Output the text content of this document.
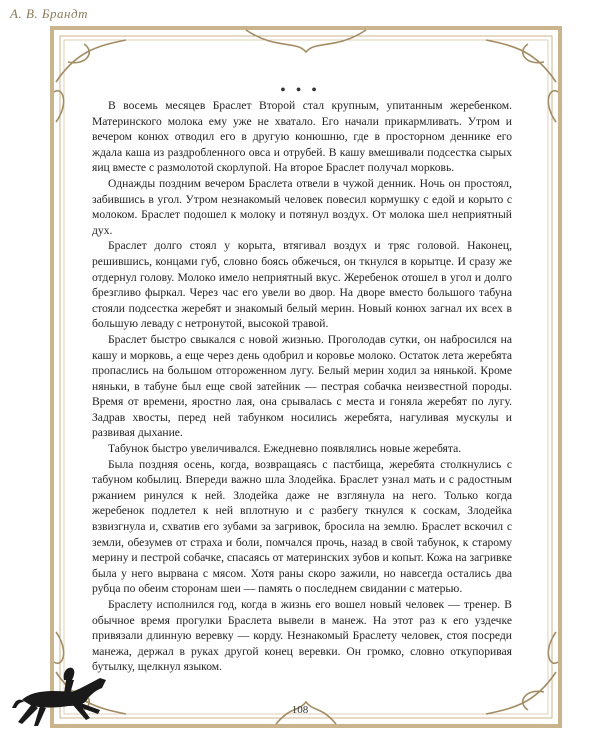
А. В. Брандт
• • •

В восемь месяцев Браслет Второй стал крупным, упитанным жеребенком. Материнского молока ему уже не хватало. Его начали прикармливать. Утром и вечером конюх отводил его в другую конюшню, где в просторном деннике его ждала каша из раздробленного овса и отрубей. В кашу вмешивали подсестка сырых яиц вместе с размолотой скорлупой. На второе Браслет получал морковь.

Однажды поздним вечером Браслета отвели в чужой денник. Ночь он простоял, забившись в угол. Утром незнакомый человек повесил кормушку с едой и корыто с молоком. Браслет подошел к молоку и потянул воздух. От молока шел неприятный дух.

Браслет долго стоял у корыта, втягивал воздух и тряс головой. Наконец, решившись, концами губ, словно боясь обжечься, он ткнулся в корытце. И сразу же отдернул голову. Молоко имело неприятный вкус. Жеребенок отошел в угол и долго брезгливо фыркал. Через час его увели во двор. На дворе вместо большого табуна стояли подсестка жеребят и знакомый белый мерин. Новый конюх загнал их всех в большую леваду с нетронутой, высокой травой.

Браслет быстро свыкался с новой жизнью. Проголодав сутки, он набросился на кашу и морковь, а еще через день одобрил и коровье молоко. Остаток лета жеребята пропаслись на большом отгороженном лугу. Белый мерин ходил за нянькой. Кроме няньки, в табуне был еще свой затейник — пестрая собачка неизвестной породы. Время от времени, яростно лая, она срывалась с места и гоняла жеребят по лугу. Задрав хвосты, перед ней табунком носились жеребята, нагуливая мускулы и развивая дыхание.

Табунок быстро увеличивался. Ежедневно появлялись новые жеребята.

Была поздняя осень, когда, возвращаясь с пастбища, жеребята столкнулись с табуном кобылиц. Впереди важно шла Злодейка. Браслет узнал мать и с радостным ржанием ринулся к ней. Злодейка даже не взглянула на него. Только когда жеребенок подлетел к ней вплотную и с разбегу ткнулся к соскам, Злодейка взвизгнула и, схватив его зубами за загривок, бросила на землю. Браслет вскочил с земли, обезумев от страха и боли, помчался прочь, назад в свой табунок, к старому мерину и пестрой собачке, спасаясь от материнских зубов и копыт. Кожа на загривке была у него вырвана с мясом. Хотя раны скоро зажили, но навсегда остались два рубца по обеим сторонам шеи — память о последнем свидании с матерью.

Браслету исполнился год, когда в жизнь его вошел новый человек — тренер. В обычное время прогулки Браслета вывели в манеж. На этот раз к его уздечке привязали длинную веревку — корду. Незнакомый Браслету человек, стоя посреди манежа, держал в руках другой конец веревки. Он громко, словно откупоривая бутылку, щелкнул языком.

108
